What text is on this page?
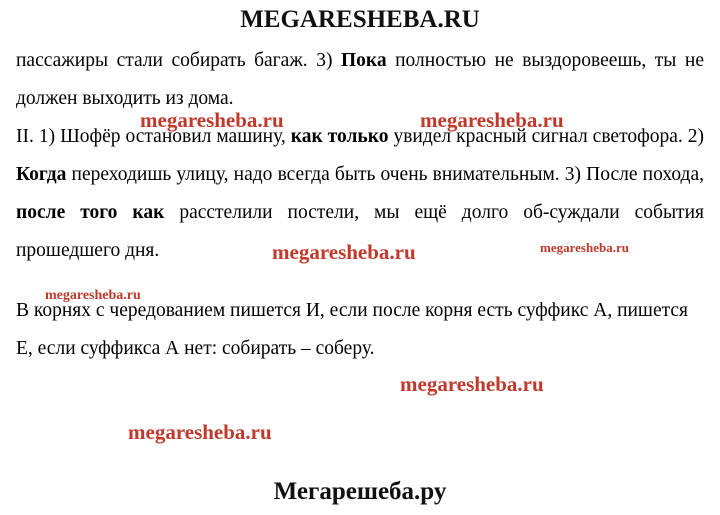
MEGARESHEBA.RU

пассажиры стали собирать багаж. 3) Пока полностью не выздоровеешь, ты не должен выходить из дома.

II. 1) Шофёр остановил машину, как только увидел красный сигнал светофора. 2) Когда переходишь улицу, надо всегда быть очень внимательным. 3) После похода, после того как расстелили постели, мы ещё долго об-суждали события прошедшего дня.

В корнях с чередованием пишется И, если после корня есть суффикс А, пишется Е, если суффикса А нет: собирать – соберу.

megaresheba.ru	megaresheba.ru
megaresheba.ru	megaresheba.ru
megaresheba.ru
megaresheba.ru
megaresheba.ru
Мегарешеба.ру
